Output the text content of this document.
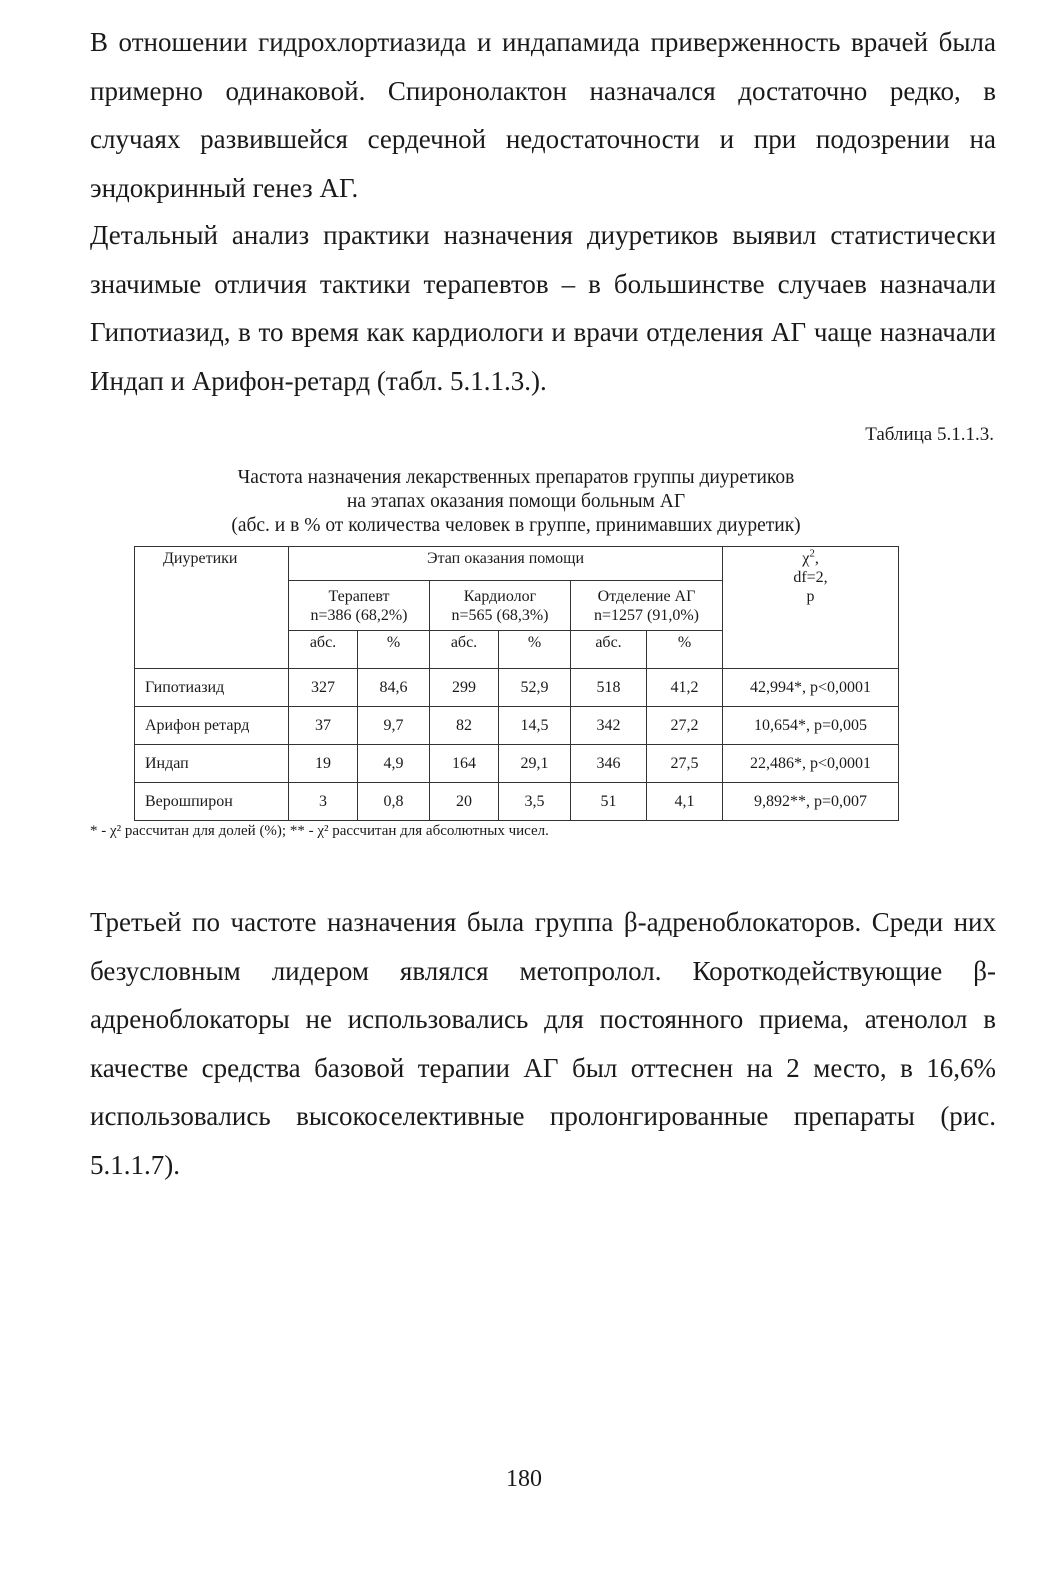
В отношении гидрохлортиазида и индапамида приверженность врачей была примерно одинаковой. Спиронолактон назначался достаточно редко, в случаях развившейся сердечной недостаточности и при подозрении на эндокринный генез АГ.

Детальный анализ практики назначения диуретиков выявил статистически значимые отличия тактики терапевтов – в большинстве случаев назначали Гипотиазид, в то время как кардиологи и врачи отделения АГ чаще назначали Индап и Арифон-ретард (табл. 5.1.1.3.).

Таблица 5.1.1.3.
Частота назначения лекарственных препаратов группы диуретиков
на этапах оказания помощи больным АГ
(абс. и в % от количества человек в группе, принимавших диуретик)
Диуретики	Этап оказания помощи						$\chi^2$,
df=2,
p
	Терапевт
n=386 (68,2%)		Кардиолог
n=565 (68,3%)		Отделение АГ
n=1257 (91,0%)		
	абс.	%	абс.	%	абс.	%	
Гипотиазид	327	84,6	299	52,9	518	41,2	42,994*, p<0,0001
Арифон ретард	37	9,7	82	14,5	342	27,2	10,654*, p=0,005
Индап	19	4,9	164	29,1	346	27,5	22,486*, p<0,0001
Верошпирон	3	0,8	20	3,5	51	4,1	9,892**, p=0,007
* - χ² рассчитан для долей (%); ** - χ² рассчитан для абсолютных чисел.

Третьей по частоте назначения была группа β-адреноблокаторов. Среди них безусловным лидером являлся метопролол. Короткодействующие β-адреноблокаторы не использовались для постоянного приема, атенолол в качестве средства базовой терапии АГ был оттеснен на 2 место, в 16,6% использовались высокоселективные пролонгированные препараты (рис. 5.1.1.7).

180
